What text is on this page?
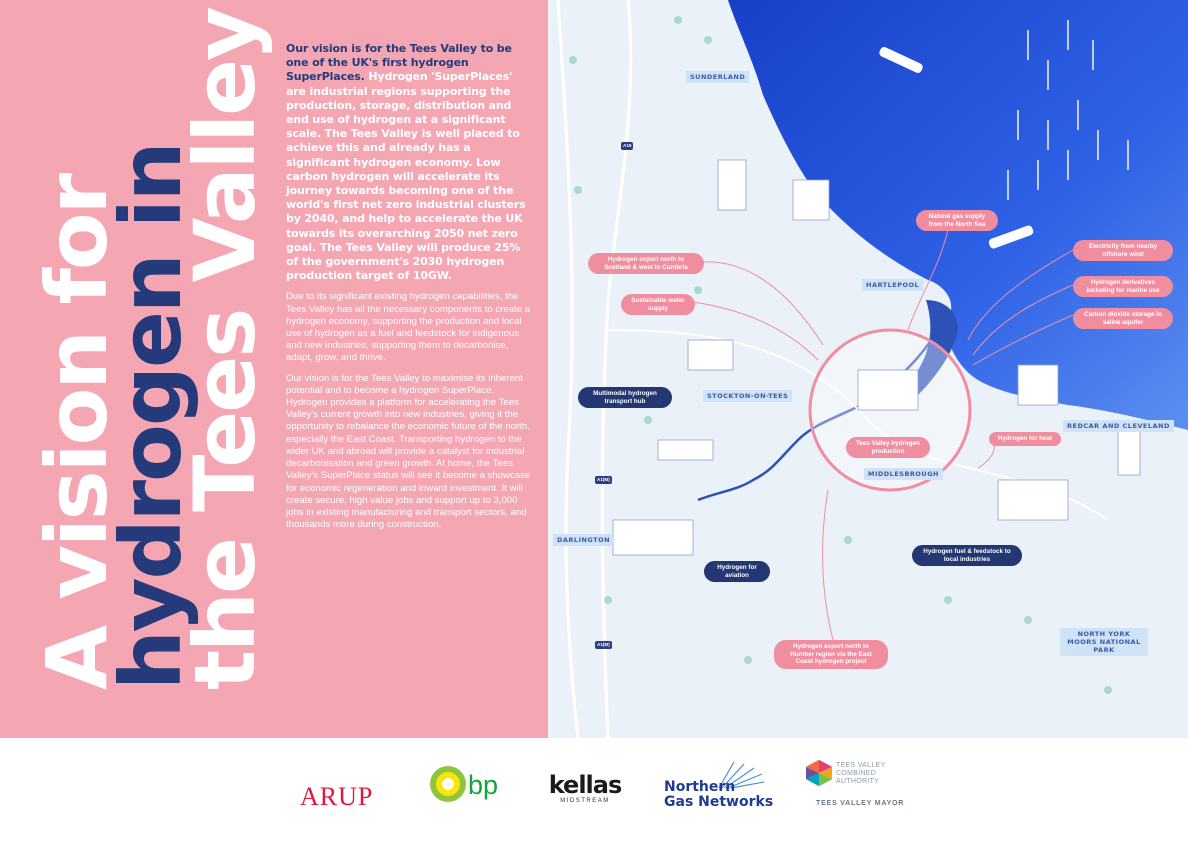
A vision for
hydrogen in
the Tees Valley Our vision is for the Tees Valley to be one of the UK's first hydrogen SuperPlaces. Hydrogen 'SuperPlaces' are industrial regions supporting the production, storage, distribution and end use of hydrogen at a significant scale. The Tees Valley is well placed to achieve this and already has a significant hydrogen economy. Low carbon hydrogen will accelerate its journey towards becoming one of the world's first net zero industrial clusters by 2040, and help to accelerate the UK towards its overarching 2050 net zero goal. The Tees Valley will produce 25% of the government's 2030 hydrogen production target of 10GW.

Due to its significant existing hydrogen capabilities, the Tees Valley has all the necessary components to create a hydrogen economy, supporting the production and local use of hydrogen as a fuel and feedstock for indigenous and new industries, supporting them to decarbonise, adapt, grow, and thrive.

Our vision is for the Tees Valley to maximise its inherent potential and to become a hydrogen SuperPlace. Hydrogen provides a platform for accelerating the Tees Valley's current growth into new industries, giving it the opportunity to rebalance the economic future of the north, especially the East Coast. Transporting hydrogen to the wider UK and abroad will provide a catalyst for industrial decarbonisation and green growth. At home, the Tees Valley's SuperPlace status will see it become a showcase for economic regeneration and inward investment. It will create secure, high value jobs and support up to 3,000 jobs in existing manufacturing and transport sectors, and thousands more during construction.

SUNDERLAND
HARTLEPOOL
STOCKTON-ON-TEES
REDCAR AND CLEVELAND
MIDDLESBROUGH
DARLINGTON
NORTH YORK MOORS NATIONAL PARK
A19
A1(M)
A1(M)
Hydrogen export north to Scotland & west to Cumbria
Sustainable water supply
Natural gas supply from the North Sea
Electricity from nearby offshore wind
Hydrogen derivatives including for marine use
Carbon dioxide storage in saline aquifer
Tees Valley hydrogen production
Hydrogen for heat
Hydrogen export north to Humber region via the East Coast hydrogen project
Multimodal hydrogen transport hub
Hydrogen for aviation
Hydrogen fuel & feedstock to local industries
ARUP	bp	kellas
MIDSTREAM
Northern
Gas Networks
TEES VALLEY
COMBINED
AUTHORITY
TEES VALLEY MAYOR
